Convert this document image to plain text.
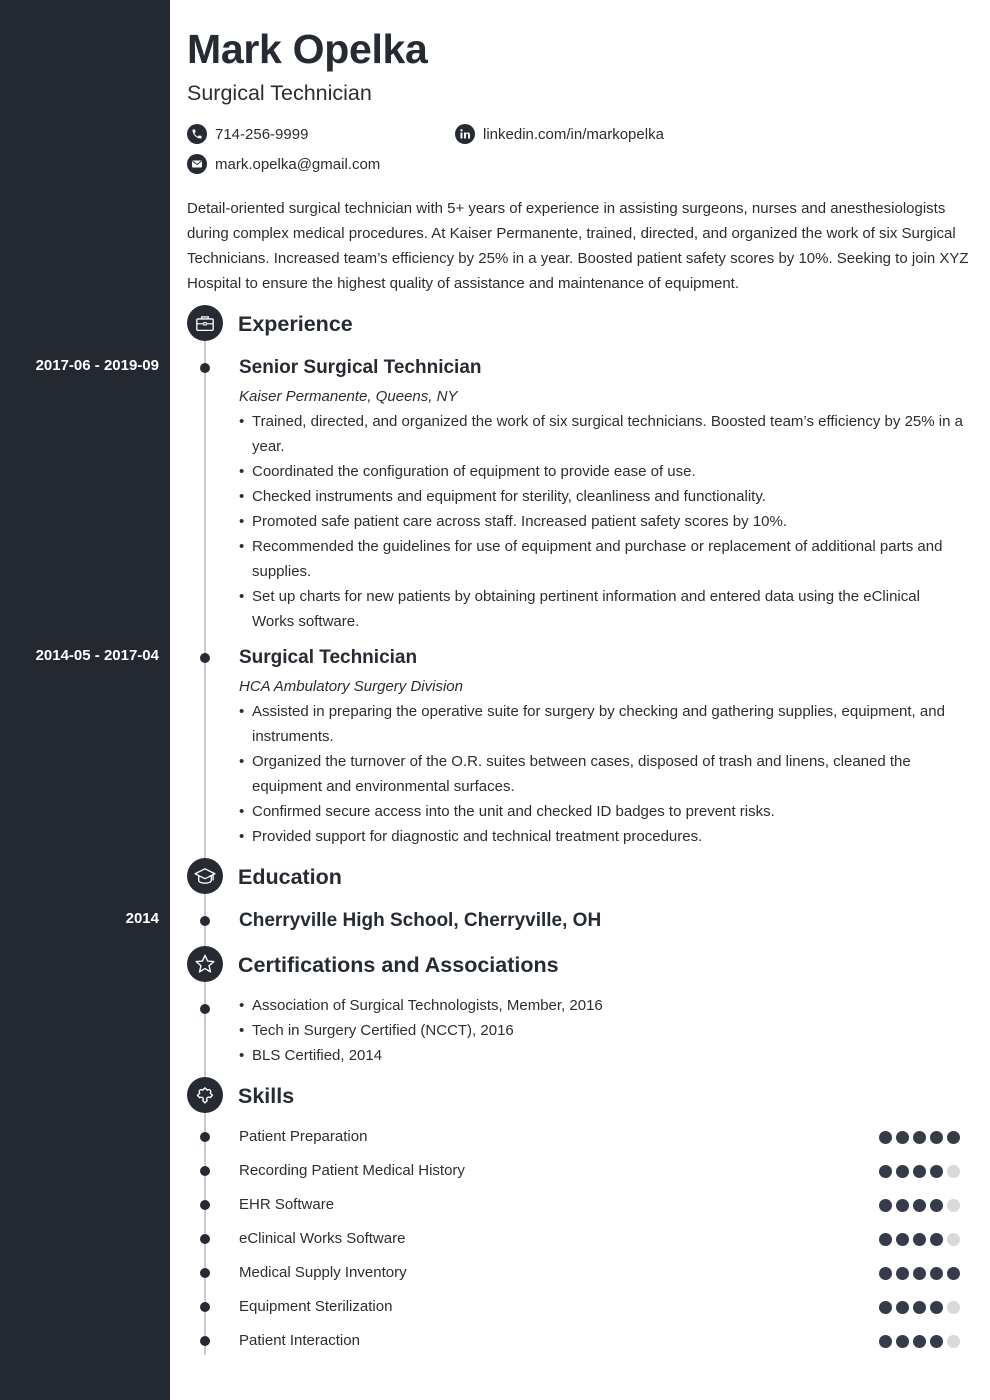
Mark Opelka
Surgical Technician
714-256-9999	linkedin.com/in/markopelka
mark.opelka@gmail.com
Detail-oriented surgical technician with 5+ years of experience in assisting surgeons, nurses and anesthesiologists during complex medical procedures. At Kaiser Permanente, trained, directed, and organized the work of six Surgical Technicians. Increased team’s efficiency by 25% in a year. Boosted patient safety scores by 10%. Seeking to join XYZ Hospital to ensure the highest quality of assistance and maintenance of equipment.
Experience
2017-06 - 2019-09	Senior Surgical Technician
Kaiser Permanente, Queens, NY
• Trained, directed, and organized the work of six surgical technicians. Boosted team’s efficiency by 25% in a year.
• Coordinated the configuration of equipment to provide ease of use.
• Checked instruments and equipment for sterility, cleanliness and functionality.
• Promoted safe patient care across staff. Increased patient safety scores by 10%.
• Recommended the guidelines for use of equipment and purchase or replacement of additional parts and supplies.
• Set up charts for new patients by obtaining pertinent information and entered data using the eClinical Works software.
2014-05 - 2017-04	Surgical Technician
HCA Ambulatory Surgery Division
• Assisted in preparing the operative suite for surgery by checking and gathering supplies, equipment, and instruments.
• Organized the turnover of the O.R. suites between cases, disposed of trash and linens, cleaned the equipment and environmental surfaces.
• Confirmed secure access into the unit and checked ID badges to prevent risks.
• Provided support for diagnostic and technical treatment procedures.
Education
2014	Cherryville High School, Cherryville, OH
Certifications and Associations
• Association of Surgical Technologists, Member, 2016
• Tech in Surgery Certified (NCCT), 2016
• BLS Certified, 2014
Skills
Patient Preparation
Recording Patient Medical History
EHR Software
eClinical Works Software
Medical Supply Inventory
Equipment Sterilization
Patient Interaction
